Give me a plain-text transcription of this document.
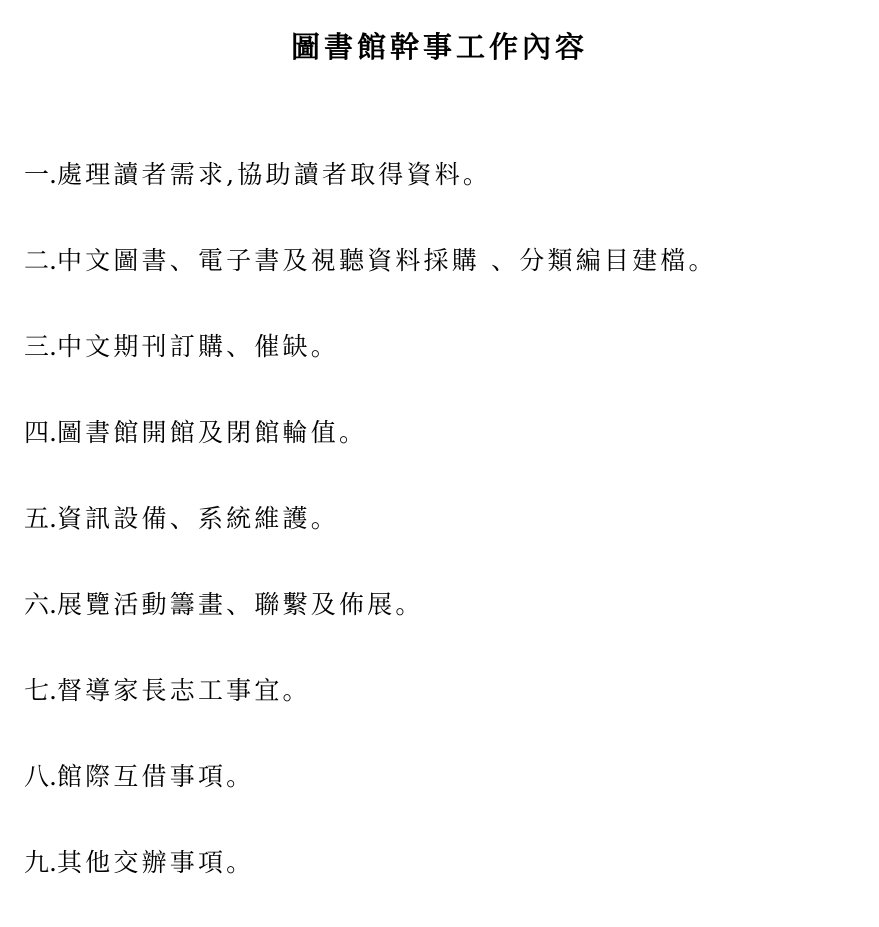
圖書館幹事工作內容
一. 處理讀者需求,協助讀者取得資料。
二. 中文圖書、電子書及視聽資料採購 、分類編目建檔。
三. 中文期刊訂購、催缺。
四. 圖書館開館及閉館輪值。
五. 資訊設備、系統維護。
六. 展覽活動籌畫、聯繫及佈展。
七. 督導家長志工事宜。
八. 館際互借事項。
九. 其他交辦事項。
